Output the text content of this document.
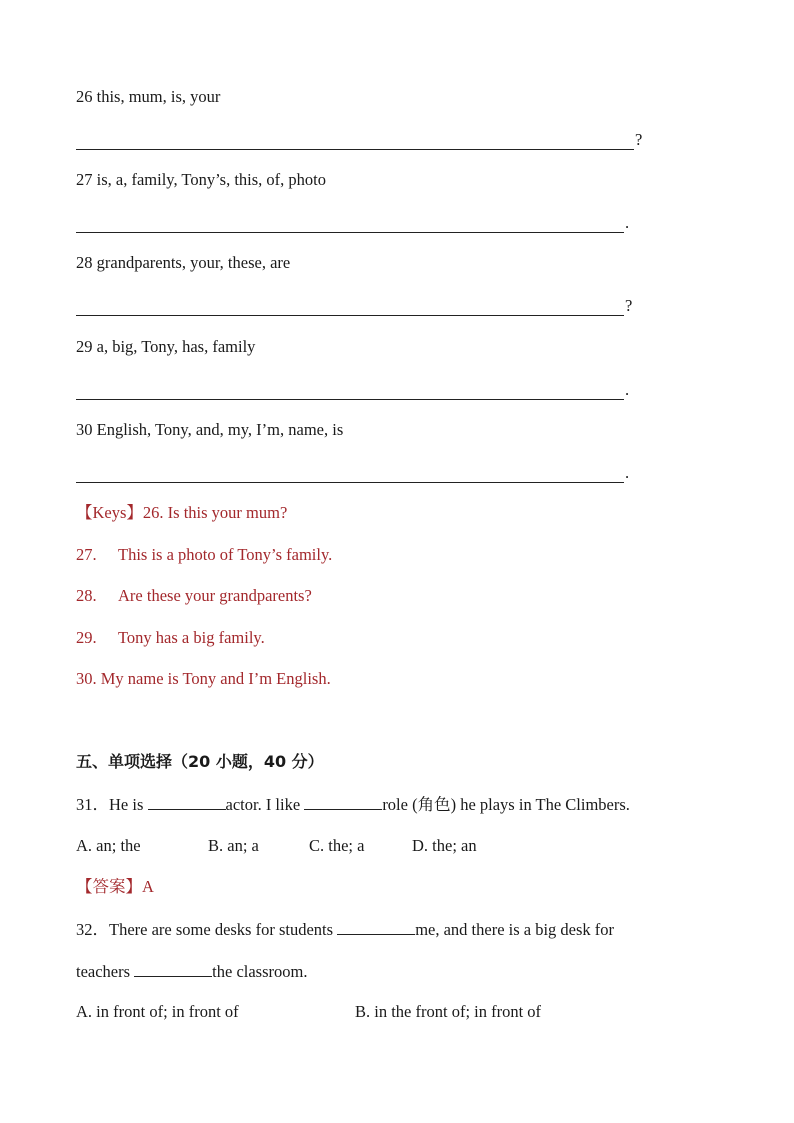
26 this, mum, is, your
?
27 is, a, family, Tony’s, this, of, photo
.
28 grandparents, your, these, are
?
29 a, big, Tony, has, family
.
30 English, Tony, and, my, I’m, name, is
.
【Keys】26. Is this your mum?
27. This is a photo of Tony’s family.
28. Are these your grandparents?
29. Tony has a big family.
30. My name is Tony and I’m English.
五、单项选择（20 小题，40 分）
31．He is	actor. I like	role (角色) he plays in The Climbers.
A. an; the	B. an; a	C. the; a	D. the; an
【答案】A
32．There are some desks for students	me, and there is a big desk for
teachers	the classroom.
A. in front of; in front of	B. in the front of; in front of
